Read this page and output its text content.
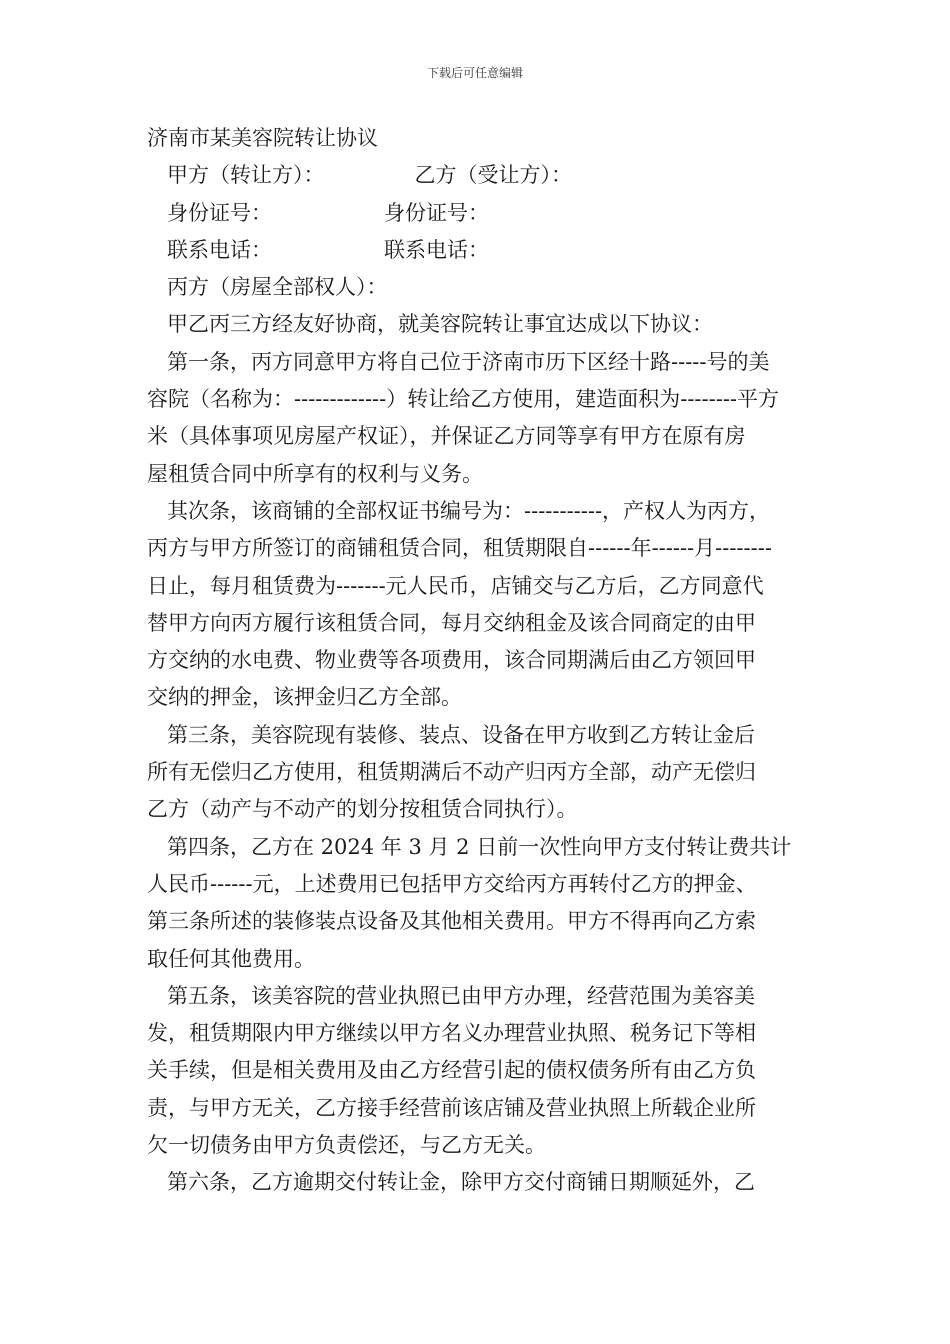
下载后可任意编辑
济南市某美容院转让协议
甲方（转让方）：	乙方（受让方）：
身份证号：	身份证号：
联系电话：	联系电话：
丙方（房屋全部权人）：
甲乙丙三方经友好协商，就美容院转让事宜达成以下协议：
第一条，丙方同意甲方将自己位于济南市历下区经十路-----号的美
容院（名称为：-------------）转让给乙方使用，建造面积为--------平方
米（具体事项见房屋产权证），并保证乙方同等享有甲方在原有房
屋租赁合同中所享有的权利与义务。
其次条，该商铺的全部权证书编号为：-----------，产权人为丙方，
丙方与甲方所签订的商铺租赁合同，租赁期限自------年------月--------
日止，每月租赁费为-------元人民币，店铺交与乙方后，乙方同意代
替甲方向丙方履行该租赁合同，每月交纳租金及该合同商定的由甲
方交纳的水电费、物业费等各项费用，该合同期满后由乙方领回甲
交纳的押金，该押金归乙方全部。
第三条，美容院现有装修、装点、设备在甲方收到乙方转让金后
所有无偿归乙方使用，租赁期满后不动产归丙方全部，动产无偿归
乙方（动产与不动产的划分按租赁合同执行）。
第四条，乙方在 2024 年 3 月 2 日前一次性向甲方支付转让费共计
人民币------元，上述费用已包括甲方交给丙方再转付乙方的押金、
第三条所述的装修装点设备及其他相关费用。甲方不得再向乙方索
取任何其他费用。
第五条，该美容院的营业执照已由甲方办理，经营范围为美容美
发，租赁期限内甲方继续以甲方名义办理营业执照、税务记下等相
关手续，但是相关费用及由乙方经营引起的债权债务所有由乙方负
责，与甲方无关，乙方接手经营前该店铺及营业执照上所载企业所
欠一切债务由甲方负责偿还，与乙方无关。
第六条，乙方逾期交付转让金，除甲方交付商铺日期顺延外，乙
